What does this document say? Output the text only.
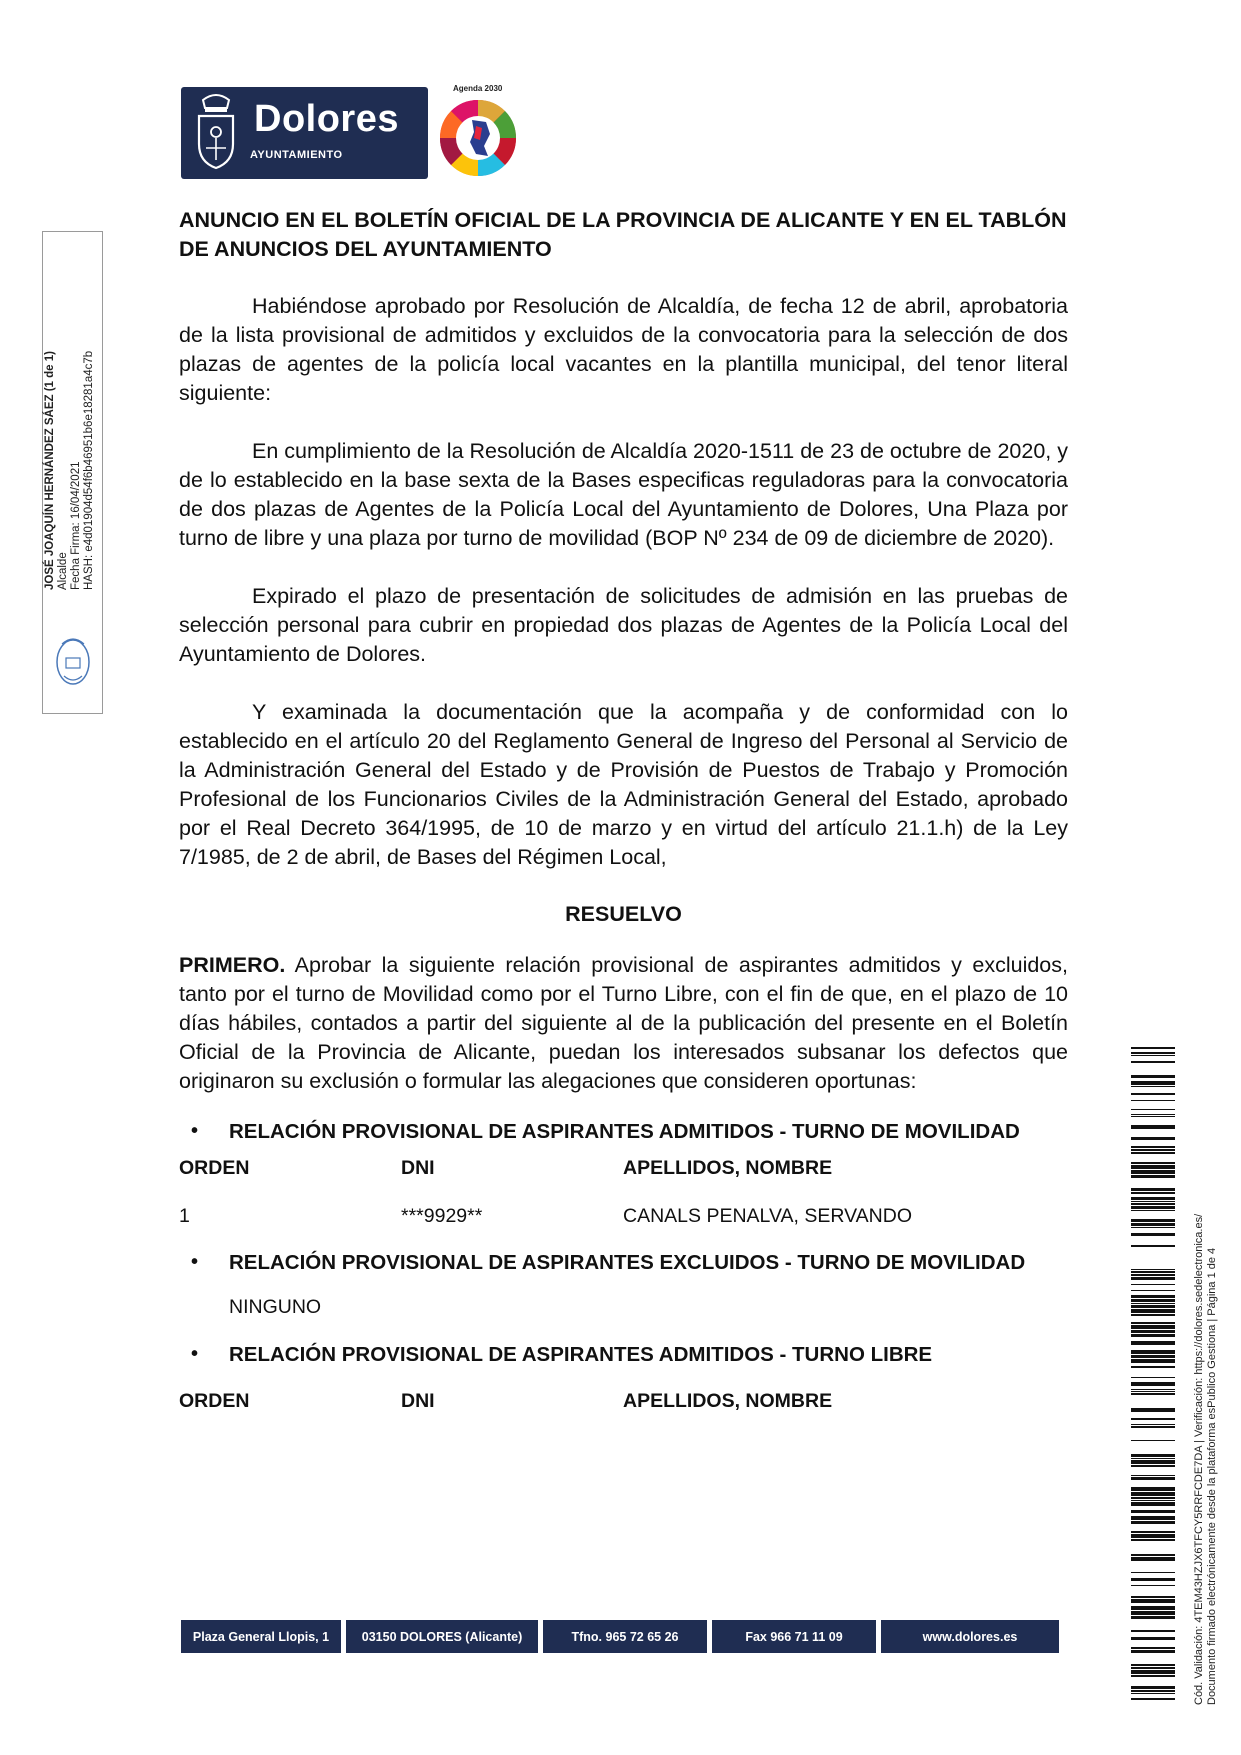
Dolores
AYUNTAMIENTO
Agenda 2030
JOSÉ JOAQUÍN HERNÁNDEZ SÁEZ (1 de 1) Alcalde Fecha Firma: 16/04/2021 HASH: e4d01904d54f6b46951b6e18281a4c7b
Cód. Validación: 4TEM43HZJX6TFCY5RRFCDE7DA | Verificación: https://dolores.sedelectronica.es/ Documento firmado electrónicamente desde la plataforma esPublico Gestiona | Página 1 de 4

ANUNCIO EN EL BOLETÍN OFICIAL DE LA PROVINCIA DE ALICANTE Y EN EL TABLÓN DE ANUNCIOS DEL AYUNTAMIENTO

Habiéndose aprobado por Resolución de Alcaldía, de fecha 12 de abril, aprobatoria de la lista provisional de admitidos y excluidos de la convocatoria para la selección de dos plazas de agentes de la policía local vacantes en la plantilla municipal, del tenor literal siguiente:

En cumplimiento de la Resolución de Alcaldía 2020-1511 de 23 de octubre de 2020, y de lo establecido en la base sexta de la Bases especificas reguladoras para la convocatoria de dos plazas de Agentes de la Policía Local del Ayuntamiento de Dolores, Una Plaza por turno de libre y una plaza por turno de movilidad (BOP Nº 234 de 09 de diciembre de 2020).

Expirado el plazo de presentación de solicitudes de admisión en las pruebas de selección personal para cubrir en propiedad dos plazas de Agentes de la Policía Local del Ayuntamiento de Dolores.

Y examinada la documentación que la acompaña y de conformidad con lo establecido en el artículo 20 del Reglamento General de Ingreso del Personal al Servicio de la Administración General del Estado y de Provisión de Puestos de Trabajo y Promoción Profesional de los Funcionarios Civiles de la Administración General del Estado, aprobado por el Real Decreto 364/1995, de 10 de marzo y en virtud del artículo 21.1.h) de la Ley 7/1985, de 2 de abril, de Bases del Régimen Local,

RESUELVO

PRIMERO. Aprobar la siguiente relación provisional de aspirantes admitidos y excluidos, tanto por el turno de Movilidad como por el Turno Libre, con el fin de que, en el plazo de 10 días hábiles, contados a partir del siguiente al de la publicación del presente en el Boletín Oficial de la Provincia de Alicante, puedan los interesados subsanar los defectos que originaron su exclusión o formular las alegaciones que consideren oportunas:

• RELACIÓN PROVISIONAL DE ASPIRANTES ADMITIDOS - TURNO DE MOVILIDAD

ORDEN	DNI	APELLIDOS, NOMBRE
1	***9929**	CANALS PENALVA, SERVANDO

• RELACIÓN PROVISIONAL DE ASPIRANTES EXCLUIDOS - TURNO DE MOVILIDAD

NINGUNO

• RELACIÓN PROVISIONAL DE ASPIRANTES ADMITIDOS - TURNO LIBRE

ORDEN	DNI	APELLIDOS, NOMBRE
Plaza General Llopis, 1	03150 DOLORES (Alicante)	Tfno. 965 72 65 26	Fax 966 71 11 09	www.dolores.es
